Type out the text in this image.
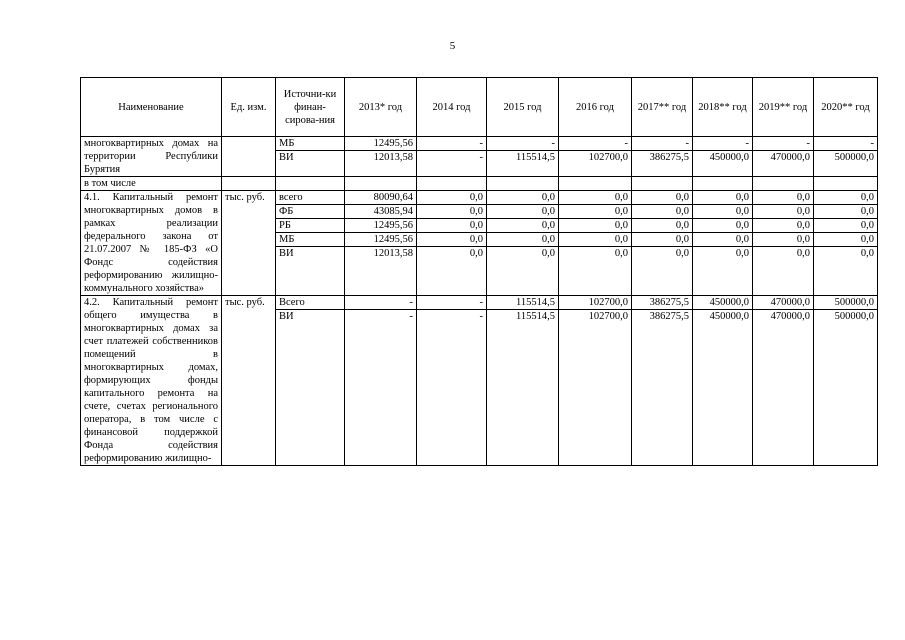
5
Наименование	Ед. изм.	Источни-ки финан-сирова-ния	2013* год	2014 год	2015 год	2016 год	2017** год	2018** год	2019** год	2020** год
многоквартирных домах на территории Республики Бурятия		МБ	12495,56	-	-	-	-	-	-	-
		ВИ	12013,58	-	115514,5	102700,0	386275,5	450000,0	470000,0	500000,0
в том числе										
4.1. Капитальный ремонт многоквартирных домов в рамках реализации федерального закона от 21.07.2007 № 185-ФЗ «О Фондс содействия реформированию жилищно-коммунального хозяйства»	тыс. руб.	всего	80090,64	0,0	0,0	0,0	0,0	0,0	0,0	0,0
		ФБ	43085,94	0,0	0,0	0,0	0,0	0,0	0,0	0,0
		РБ	12495,56	0,0	0,0	0,0	0,0	0,0	0,0	0,0
		МБ	12495,56	0,0	0,0	0,0	0,0	0,0	0,0	0,0
		ВИ	12013,58	0,0	0,0	0,0	0,0	0,0	0,0	0,0
4.2. Капитальный ремонт общего имущества в многоквартирных домах за счет платежей собственников помещений в многоквартирных домах, формирующих фонды капитального ремонта на счете, счетах регионального оператора, в том числе с финансовой поддержкой Фонда содействия реформированию жилищно-	тыс. руб.	Всего	-	-	115514,5	102700,0	386275,5	450000,0	470000,0	500000,0
		ВИ	-	-	115514,5	102700,0	386275,5	450000,0	470000,0	500000,0
